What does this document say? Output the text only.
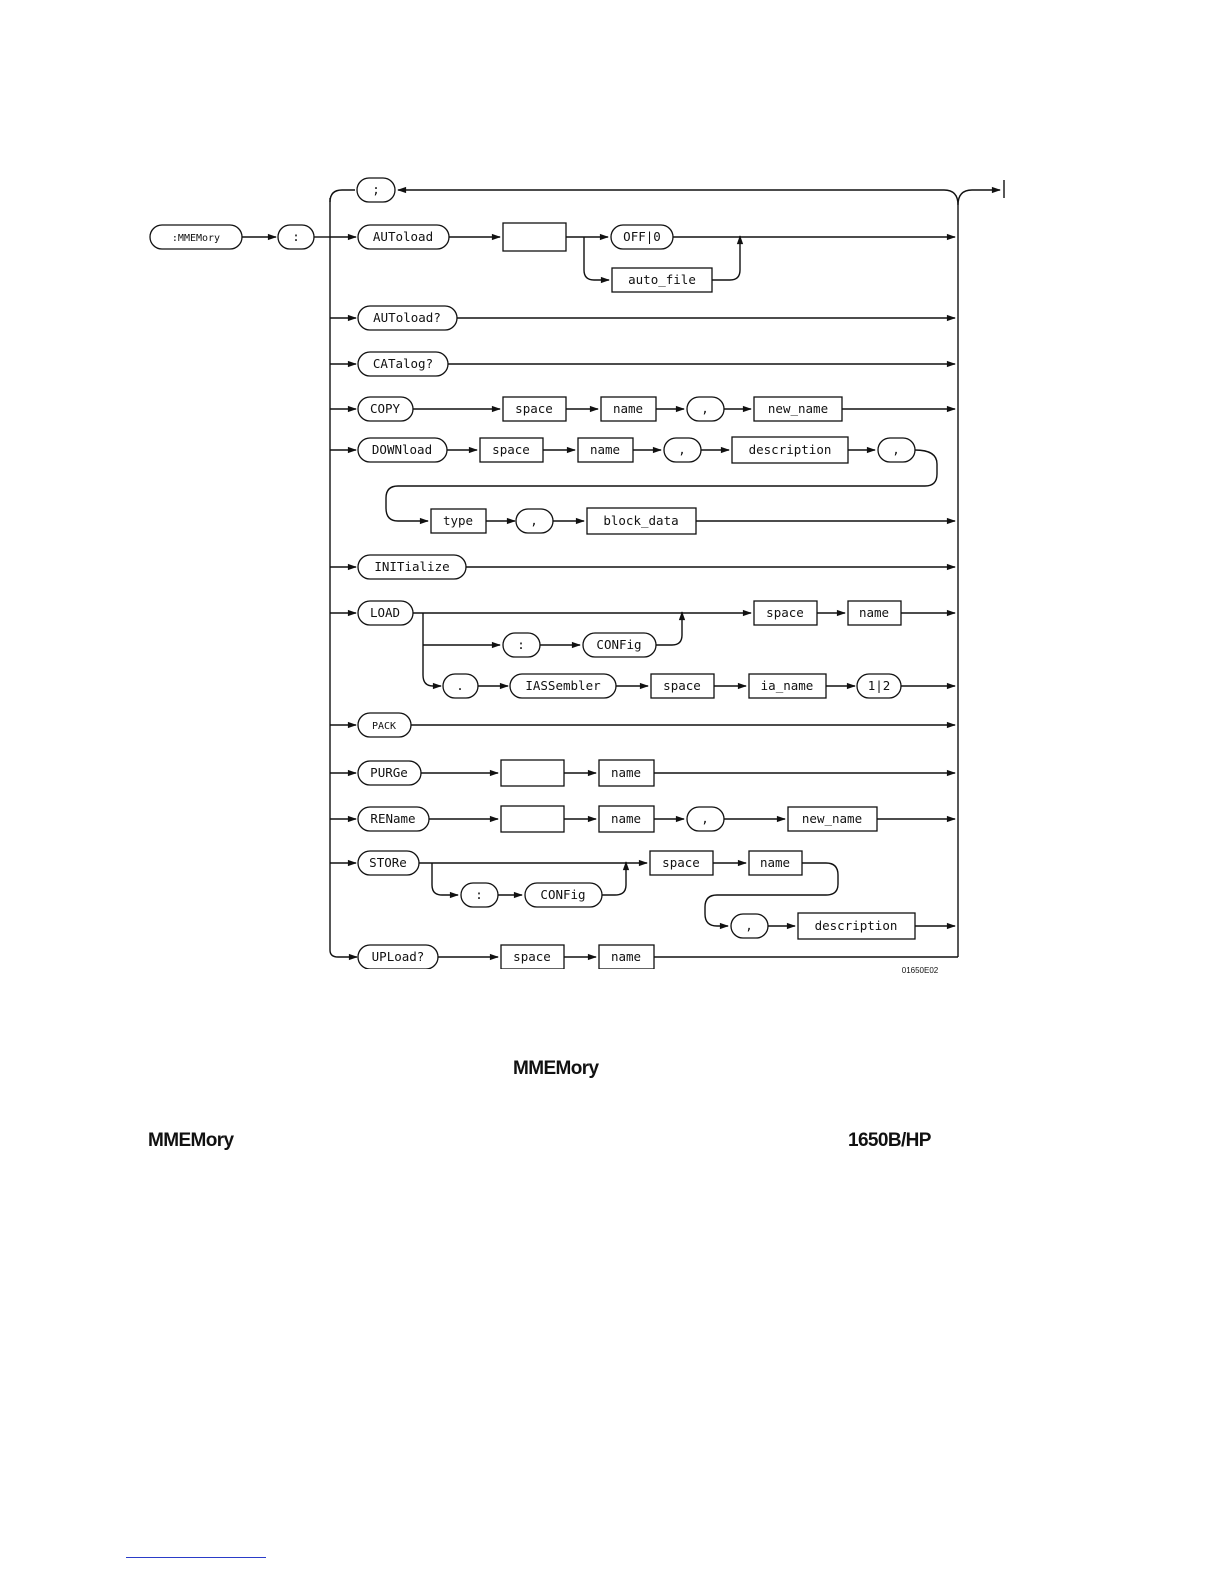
:MMEMory	:
;
AUToload	OFF|0
AUToload?
CATalog?
COPY	,
DOWNload	,	,
,
INITialize
LOAD
:	CONFig
.	IASSembler	1|2
PACK
PURGe
REName	,
STORe
:	CONFig
,
UPLoad?
auto_file
space	name	new_name
space	name	description
type	block_data
space	name
space	ia_name
name
name	new_name
space	name
description
space	name
01650E02
MMEMory
MMEMory	1650B/HP
